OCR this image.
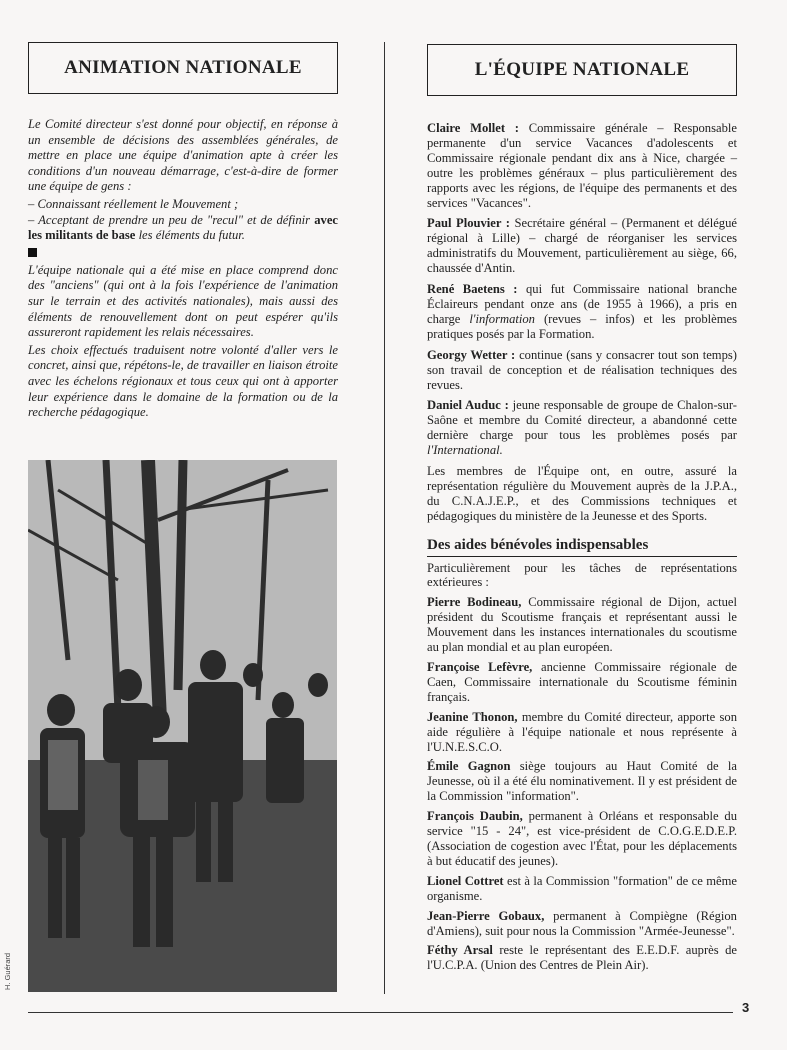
ANIMATION NATIONALE

Le Comité directeur s'est donné pour objectif, en réponse à un ensemble de décisions des assemblées générales, de mettre en place une équipe d'animation apte à créer les conditions d'un nouveau démarrage, c'est-à-dire de former une équipe de gens :

– Connaissant réellement le Mouvement ;

– Acceptant de prendre un peu de "recul" et de définir avec les militants de base les éléments du futur.

L'équipe nationale qui a été mise en place comprend donc des "anciens" (qui ont à la fois l'expérience de l'animation sur le terrain et des activités nationales), mais aussi des éléments de renouvellement dont on peut espérer qu'ils assureront rapidement les relais nécessaires.

Les choix effectués traduisent notre volonté d'aller vers le concret, ainsi que, répétons-le, de travailler en liaison étroite avec les échelons régionaux et tous ceux qui ont à apporter leur expérience dans le domaine de la formation ou de la recherche pédagogique.

H. Guérard
L'ÉQUIPE NATIONALE

Claire Mollet : Commissaire générale – Responsable permanente d'un service Vacances d'adolescents et Commissaire régionale pendant dix ans à Nice, chargée – outre les problèmes généraux – plus particulièrement des rapports avec les régions, de l'équipe des permanents et des services "Vacances".

Paul Plouvier : Secrétaire général – (Permanent et délégué régional à Lille) – chargé de réorganiser les services administratifs du Mouvement, particulièrement au siège, 66, chaussée d'Antin.

René Baetens : qui fut Commissaire national branche Éclaireurs pendant onze ans (de 1955 à 1966), a pris en charge l'information (revues – infos) et les problèmes pratiques posés par la Formation.

Georgy Wetter : continue (sans y consacrer tout son temps) son travail de conception et de réalisation techniques des revues.

Daniel Auduc : jeune responsable de groupe de Chalon-sur-Saône et membre du Comité directeur, a abandonné cette dernière charge pour tous les problèmes posés par l'International.

Les membres de l'Équipe ont, en outre, assuré la représentation régulière du Mouvement auprès de la J.P.A., du C.N.A.J.E.P., et des Commissions techniques et pédagogiques du ministère de la Jeunesse et des Sports.

Des aides bénévoles indispensables

Particulièrement pour les tâches de représentations extérieures :

Pierre Bodineau, Commissaire régional de Dijon, actuel président du Scoutisme français et représentant aussi le Mouvement dans les instances internationales du scoutisme au plan mondial et au plan européen.

Françoise Lefèvre, ancienne Commissaire régionale de Caen, Commissaire internationale du Scoutisme féminin français.

Jeanine Thonon, membre du Comité directeur, apporte son aide régulière à l'équipe nationale et nous représente à l'U.N.E.S.C.O.

Émile Gagnon siège toujours au Haut Comité de la Jeunesse, où il a été élu nominativement. Il y est président de la Commission "information".

François Daubin, permanent à Orléans et responsable du service "15 - 24", est vice-président de C.O.G.E.D.E.P. (Association de cogestion avec l'État, pour les déplacements à but éducatif des jeunes).

Lionel Cottret est à la Commission "formation" de ce même organisme.

Jean-Pierre Gobaux, permanent à Compiègne (Région d'Amiens), suit pour nous la Commission "Armée-Jeunesse".

Féthy Arsal reste le représentant des E.E.D.F. auprès de l'U.C.P.A. (Union des Centres de Plein Air).

3
